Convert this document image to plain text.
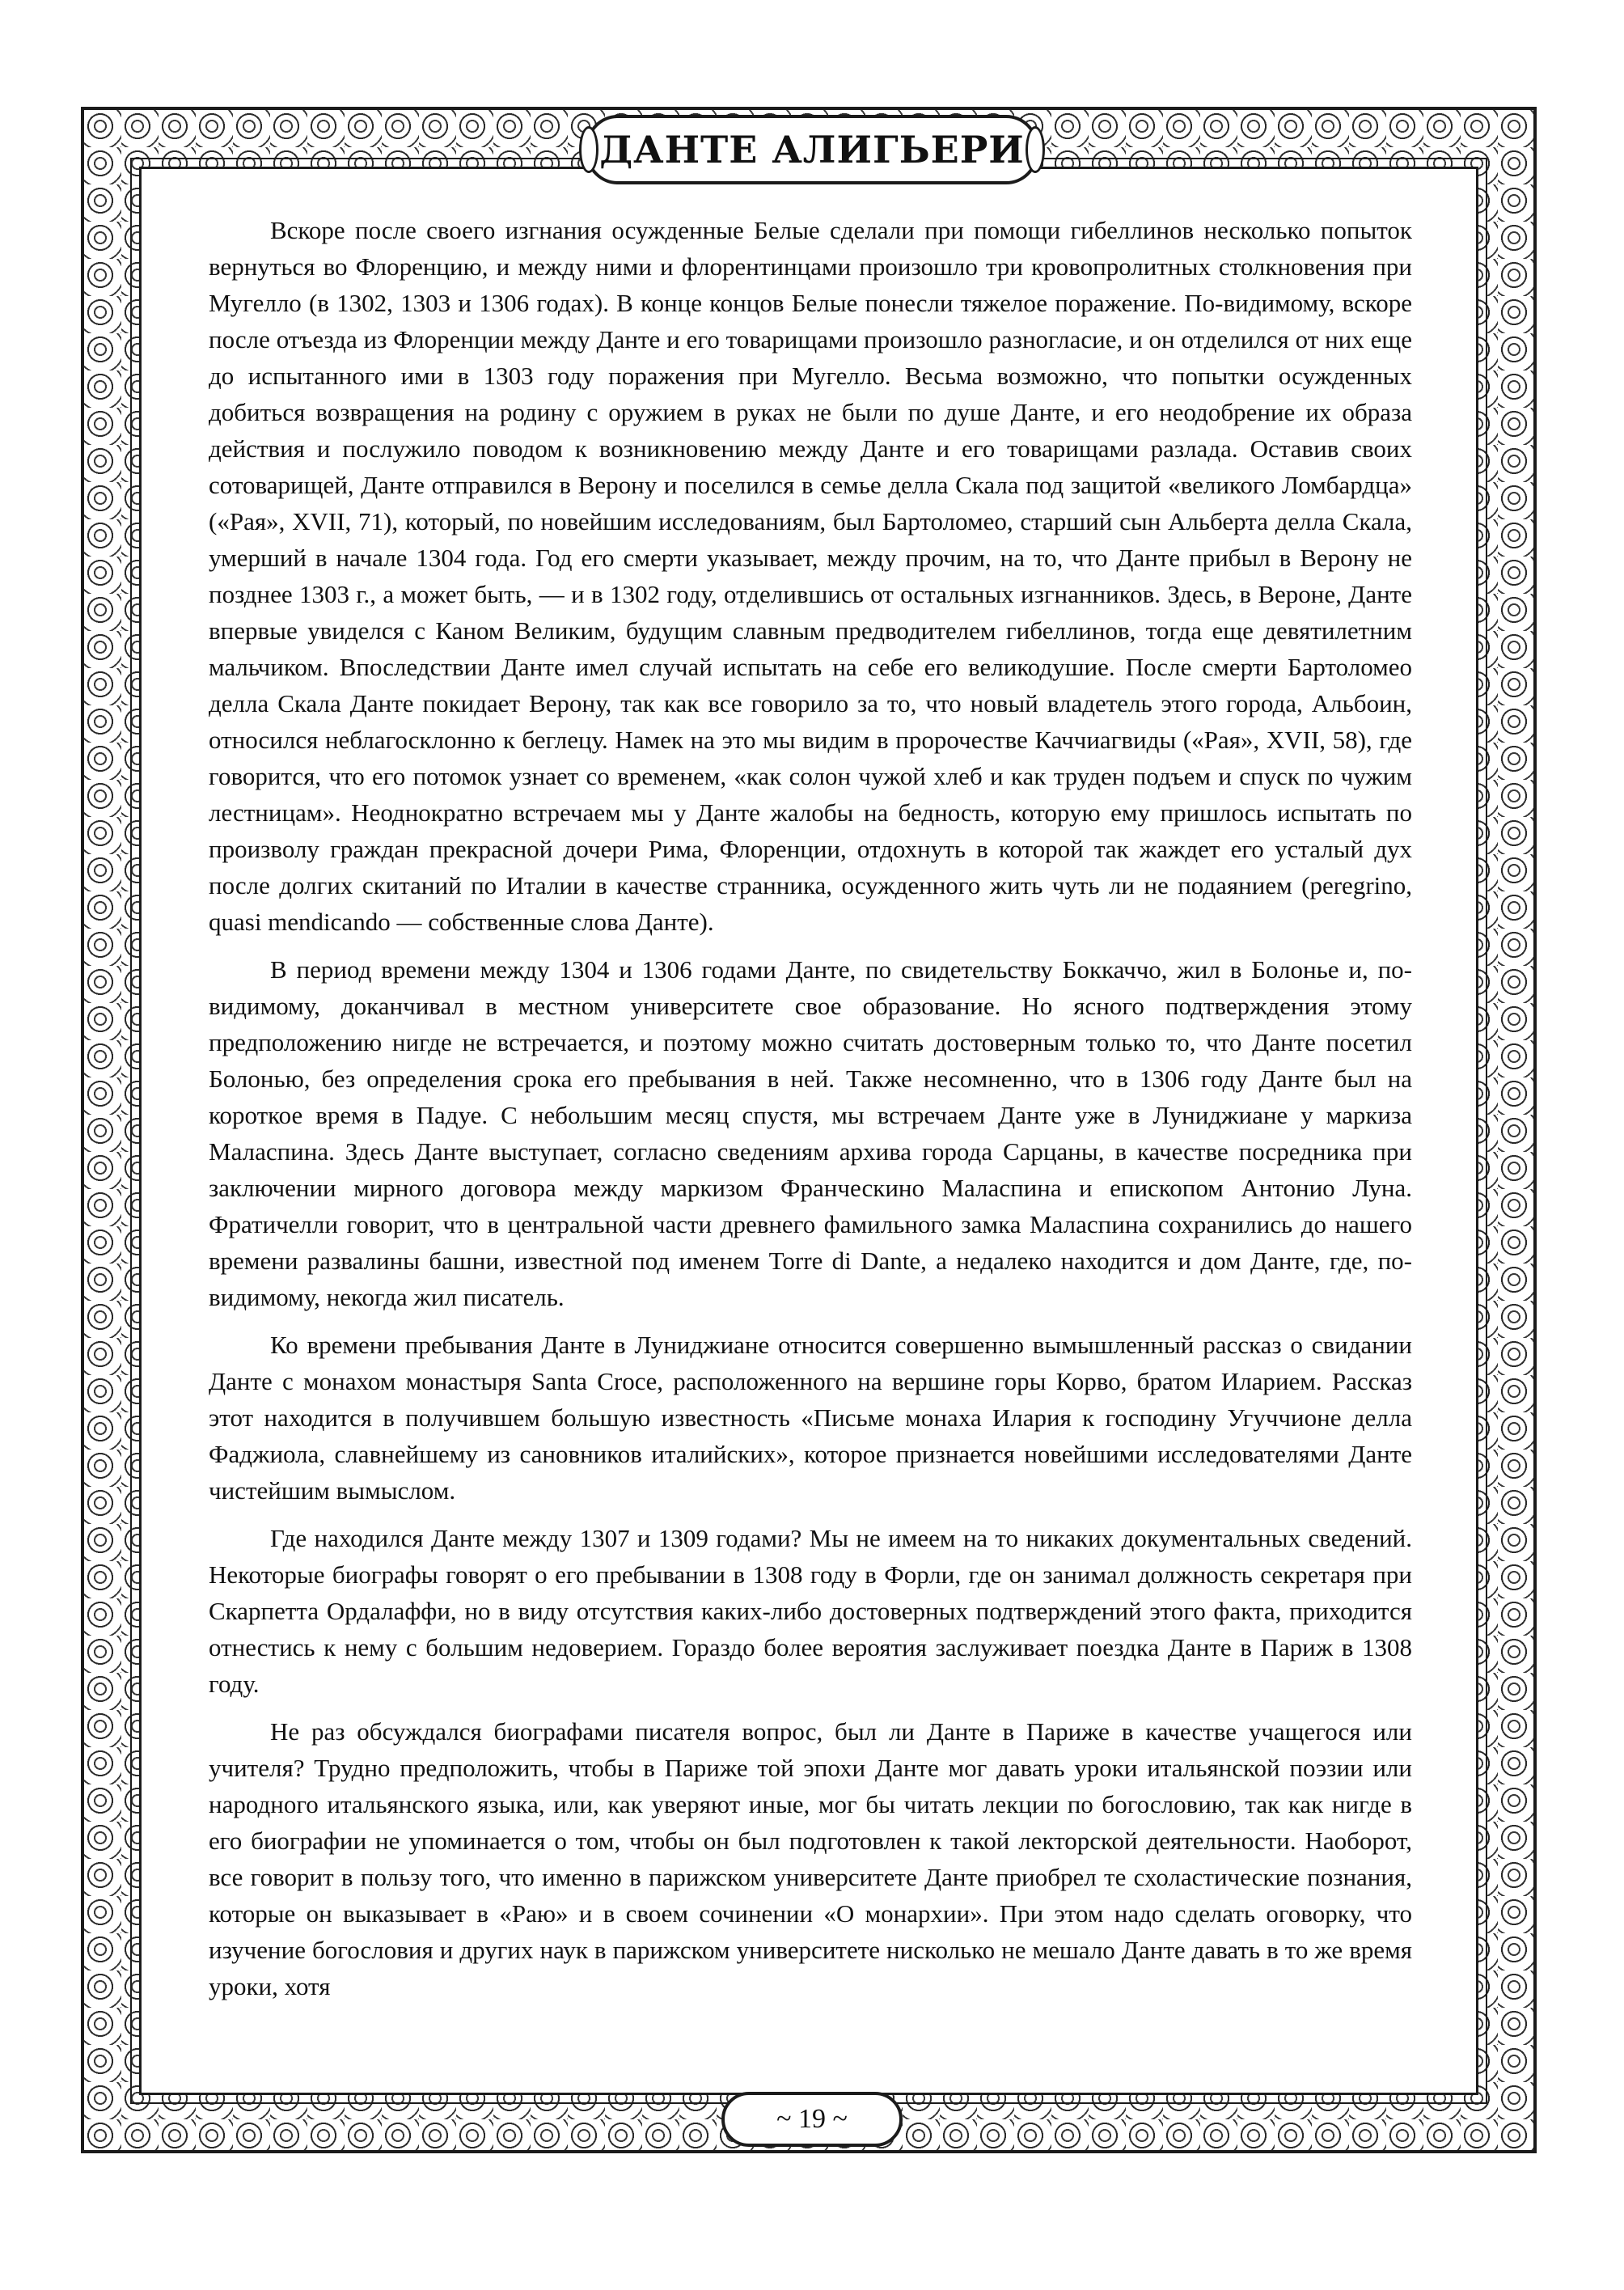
ДАНТЕ АЛИГЬЕРИ

Вскоре после своего изгнания осужденные Белые сделали при помощи гибеллинов несколько попыток вернуться во Флоренцию, и между ними и флорентинцами произошло три кровопролитных столкновения при Мугелло (в 1302, 1303 и 1306 годах). В конце концов Белые понесли тяжелое поражение. По-видимому, вскоре после отъезда из Флоренции между Данте и его товарищами произошло разногласие, и он отделился от них еще до испытанного ими в 1303 году поражения при Мугелло. Весьма возможно, что попытки осужденных добиться возвращения на родину с оружием в руках не были по душе Данте, и его неодобрение их образа действия и послужило поводом к возникновению между Данте и его товарищами разлада. Оставив своих сотоварищей, Данте отправился в Верону и поселился в семье делла Скала под защитой «великого Ломбардца» («Рая», XVII, 71), который, по новейшим исследованиям, был Бартоломео, старший сын Альберта делла Скала, умерший в начале 1304 года. Год его смерти указывает, между прочим, на то, что Данте прибыл в Верону не позднее 1303 г., а может быть, — и в 1302 году, отделившись от остальных изгнанников. Здесь, в Вероне, Данте впервые увиделся с Каном Великим, будущим славным предводителем гибеллинов, тогда еще девятилетним мальчиком. Впоследствии Данте имел случай испытать на себе его великодушие. После смерти Бартоломео делла Скала Данте покидает Верону, так как все говорило за то, что новый владетель этого города, Альбоин, относился неблагосклонно к беглецу. Намек на это мы видим в пророчестве Каччиагвиды («Рая», XVII, 58), где говорится, что его потомок узнает со временем, «как солон чужой хлеб и как труден подъем и спуск по чужим лестницам». Неоднократно встречаем мы у Данте жалобы на бедность, которую ему пришлось испытать по произволу граждан прекрасной дочери Рима, Флоренции, отдохнуть в которой так жаждет его усталый дух после долгих скитаний по Италии в качестве странника, осужденного жить чуть ли не подаянием (peregrino, quasi mendicando — собственные слова Данте).

В период времени между 1304 и 1306 годами Данте, по свидетельству Боккаччо, жил в Болонье и, по-видимому, доканчивал в местном университете свое образование. Но ясного подтверждения этому предположению нигде не встречается, и поэтому можно считать достоверным только то, что Данте посетил Болонью, без определения срока его пребывания в ней. Также несомненно, что в 1306 году Данте был на короткое время в Падуе. С небольшим месяц спустя, мы встречаем Данте уже в Луниджиане у маркиза Маласпина. Здесь Данте выступает, согласно сведениям архива города Сарцаны, в качестве посредника при заключении мирного договора между маркизом Франческино Маласпина и епископом Антонио Луна. Фратичелли говорит, что в центральной части древнего фамильного замка Маласпина сохранились до нашего времени развалины башни, известной под именем Torre di Dante, а недалеко находится и дом Данте, где, по-видимому, некогда жил писатель.

Ко времени пребывания Данте в Луниджиане относится совершенно вымышленный рассказ о свидании Данте с монахом монастыря Santa Croce, расположенного на вершине горы Корво, братом Иларием. Рассказ этот находится в получившем большую известность «Письме монаха Илария к господину Угуччионе делла Фаджиола, славнейшему из сановников италийских», которое признается новейшими исследователями Данте чистейшим вымыслом.

Где находился Данте между 1307 и 1309 годами? Мы не имеем на то никаких документальных сведений. Некоторые биографы говорят о его пребывании в 1308 году в Форли, где он занимал должность секретаря при Скарпетта Ордалаффи, но в виду отсутствия каких-либо достоверных подтверждений этого факта, приходится отнестись к нему с большим недоверием. Гораздо более вероятия заслуживает поездка Данте в Париж в 1308 году.

Не раз обсуждался биографами писателя вопрос, был ли Данте в Париже в качестве учащегося или учителя? Трудно предположить, чтобы в Париже той эпохи Данте мог давать уроки итальянской поэзии или народного итальянского языка, или, как уверяют иные, мог бы читать лекции по богословию, так как нигде в его биографии не упоминается о том, чтобы он был подготовлен к такой лекторской деятельности. Наоборот, все говорит в пользу того, что именно в парижском университете Данте приобрел те схоластические познания, которые он выказывает в «Раю» и в своем сочинении «О монархии». При этом надо сделать оговорку, что изучение богословия и других наук в парижском университете нисколько не мешало Данте давать в то же время уроки, хотя

~ 19 ~
